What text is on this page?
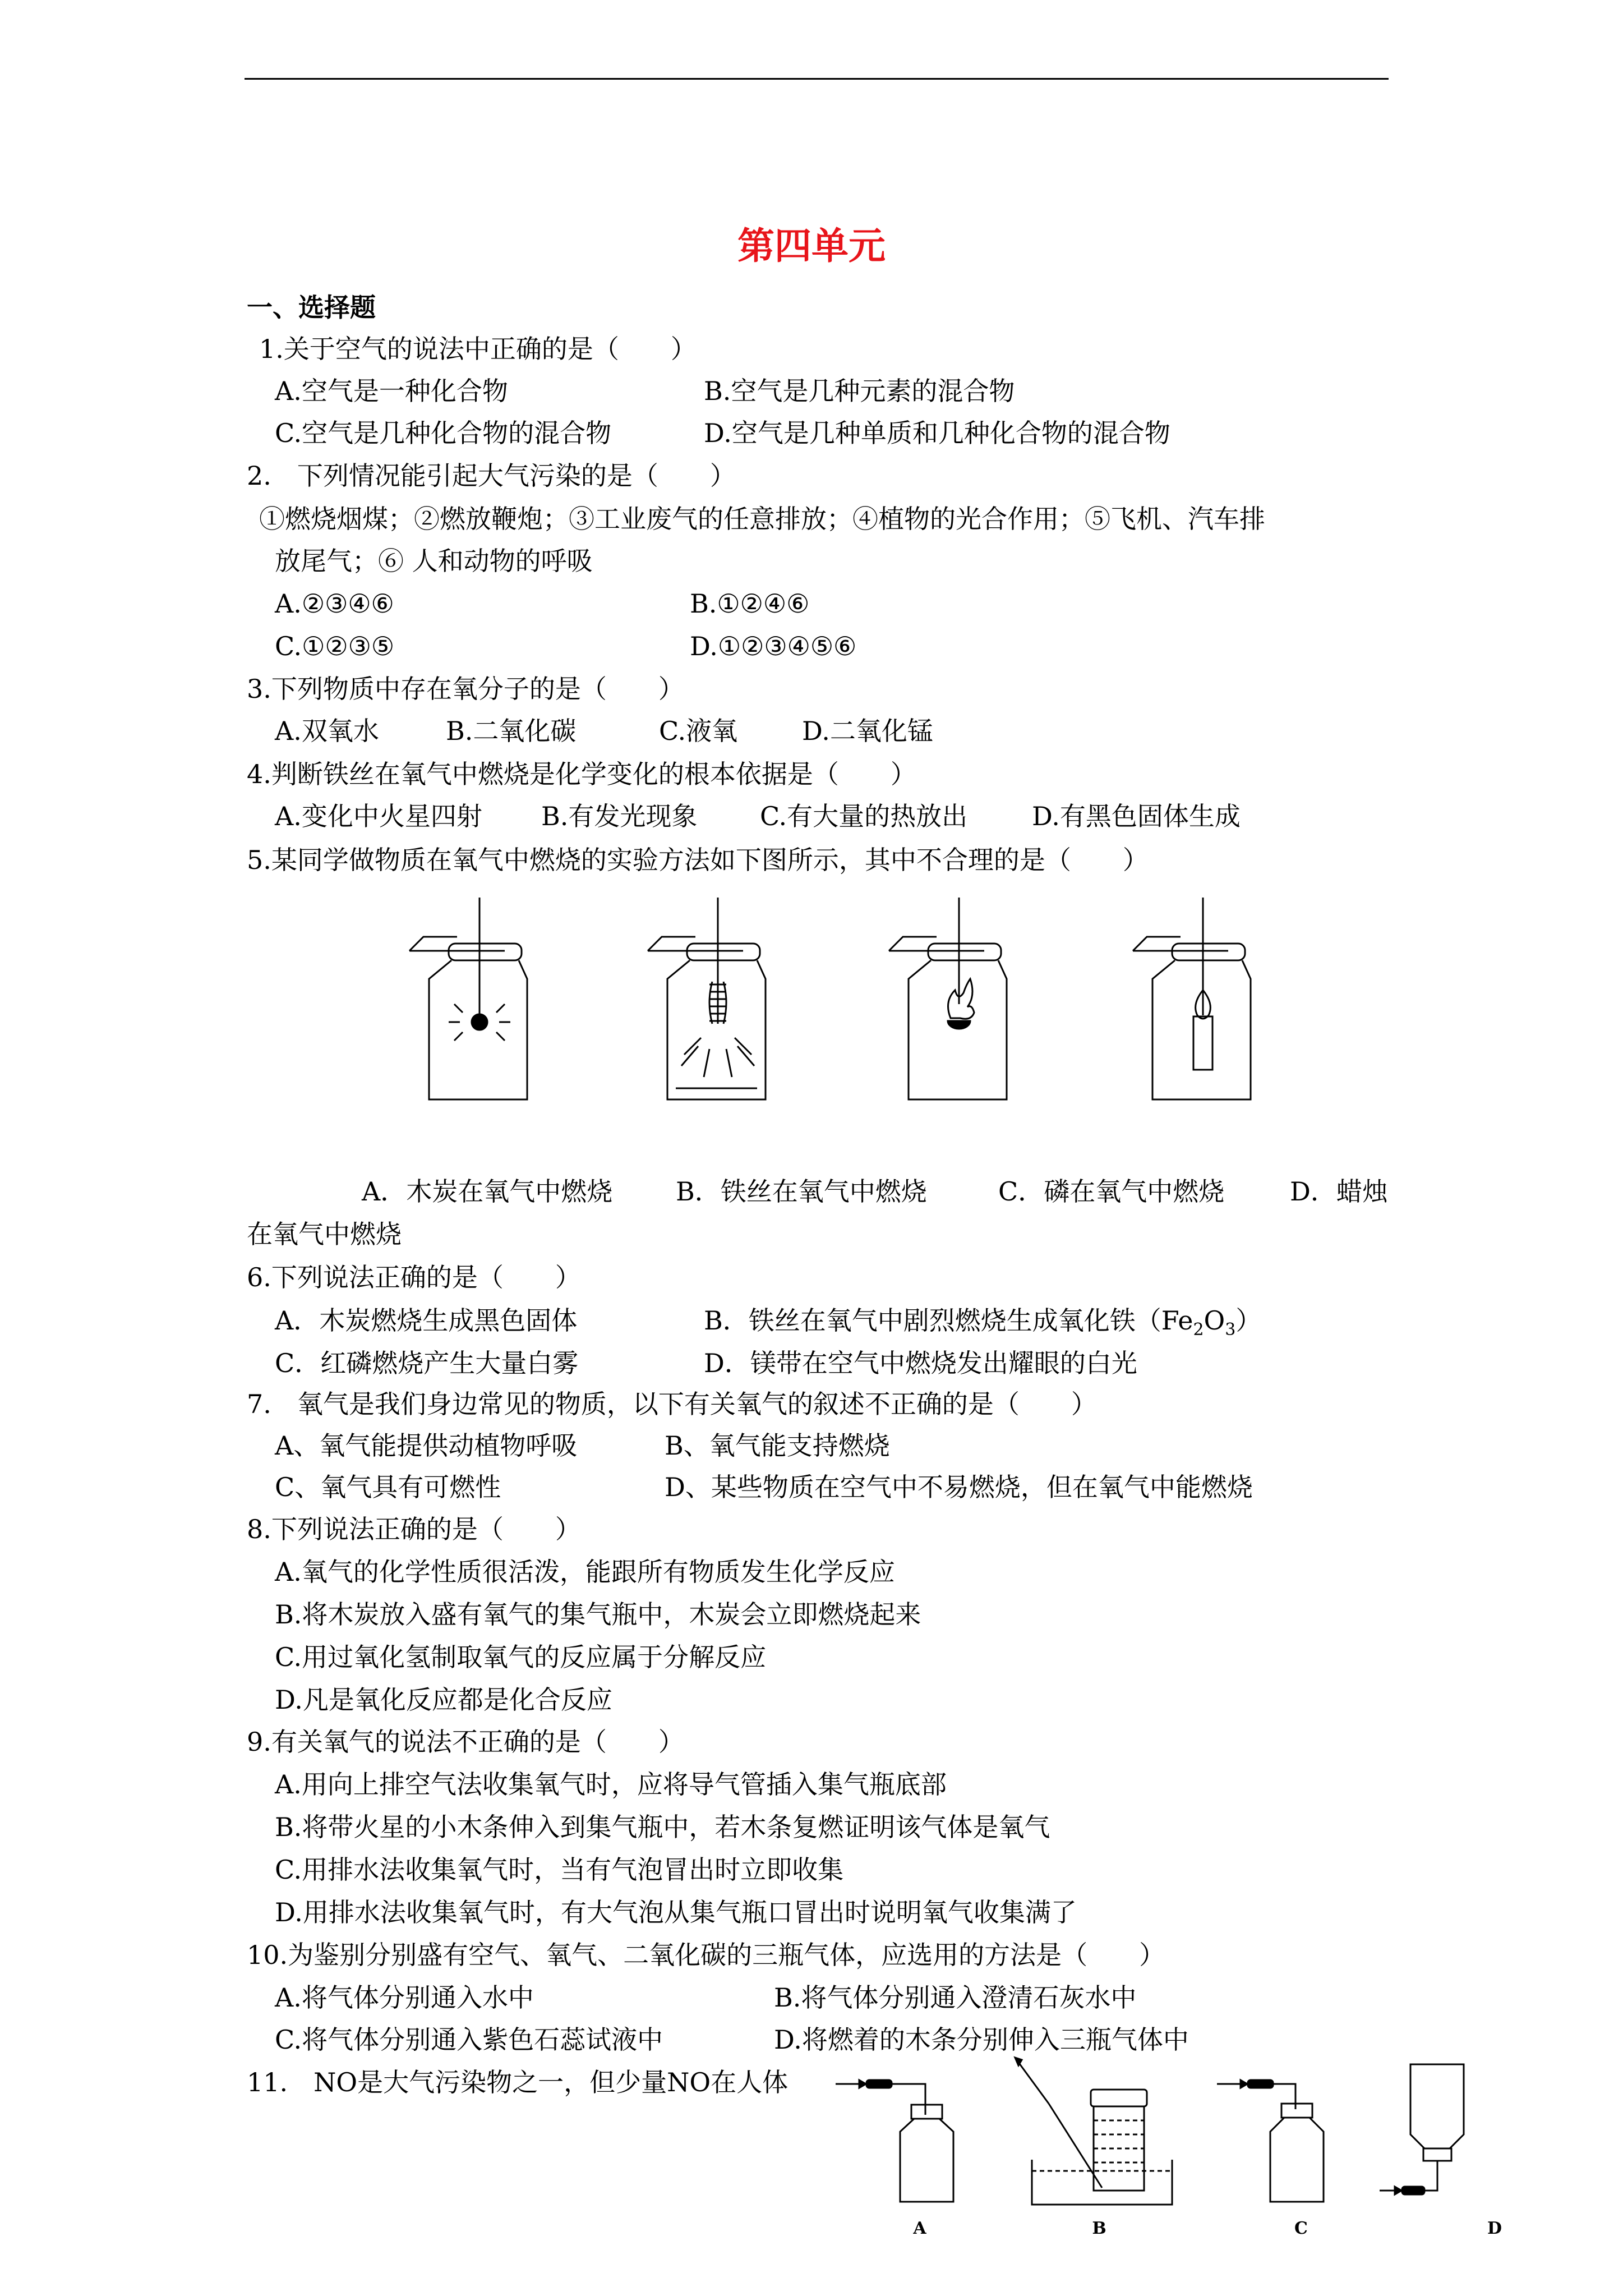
第四单元
一、选择题
1.关于空气的说法中正确的是（　　）
A.空气是一种化合物	B.空气是几种元素的混合物
C.空气是几种化合物的混合物	D.空气是几种单质和几种化合物的混合物
2.　下列情况能引起大气污染的是（　　）
①燃烧烟煤；②燃放鞭炮；③工业废气的任意排放；④植物的光合作用；⑤飞机、汽车排
放尾气；⑥ 人和动物的呼吸
A.②③④⑥	B.①②④⑥
C.①②③⑤	D.①②③④⑤⑥
3.下列物质中存在氧分子的是（　　）
A.双氧水	B.二氧化碳	C.液氧 D.二氧化锰
4.判断铁丝在氧气中燃烧是化学变化的根本依据是（　　）
A.变化中火星四射 B.有发光现象 C.有大量的热放出 D.有黑色固体生成
5.某同学做物质在氧气中燃烧的实验方法如下图所示，其中不合理的是（　　）
A．木炭在氧气中燃烧 B．铁丝在氧气中燃烧	C．磷在氧气中燃烧	D．蜡烛
在氧气中燃烧
6.下列说法正确的是（　　）
A．木炭燃烧生成黑色固体	B．铁丝在氧气中剧烈燃烧生成氧化铁$(Fe_2O_3)$
C．红磷燃烧产生大量白雾	D．镁带在空气中燃烧发出耀眼的白光
7.　氧气是我们身边常见的物质，以下有关氧气的叙述不正确的是（　　）
A、氧气能提供动植物呼吸	B、氧气能支持燃烧
C、氧气具有可燃性	D、某些物质在空气中不易燃烧，但在氧气中能燃烧
8.下列说法正确的是（　　）
A.氧气的化学性质很活泼，能跟所有物质发生化学反应
B.将木炭放入盛有氧气的集气瓶中，木炭会立即燃烧起来
C.用过氧化氢制取氧气的反应属于分解反应
D.凡是氧化反应都是化合反应
9.有关氧气的说法不正确的是（　　）
A.用向上排空气法收集氧气时，应将导气管插入集气瓶底部
B.将带火星的小木条伸入到集气瓶中，若木条复燃证明该气体是氧气
C.用排水法收集氧气时，当有气泡冒出时立即收集
D.用排水法收集氧气时，有大气泡从集气瓶口冒出时说明氧气收集满了
10.为鉴别分别盛有空气、氧气、二氧化碳的三瓶气体，应选用的方法是（　　）
A.将气体分别通入水中	B.将气体分别通入澄清石灰水中
C.将气体分别通入紫色石蕊试液中	D.将燃着的木条分别伸入三瓶气体中
11.　NO是大气污染物之一，但少量NO在人体
A	B	C	D
